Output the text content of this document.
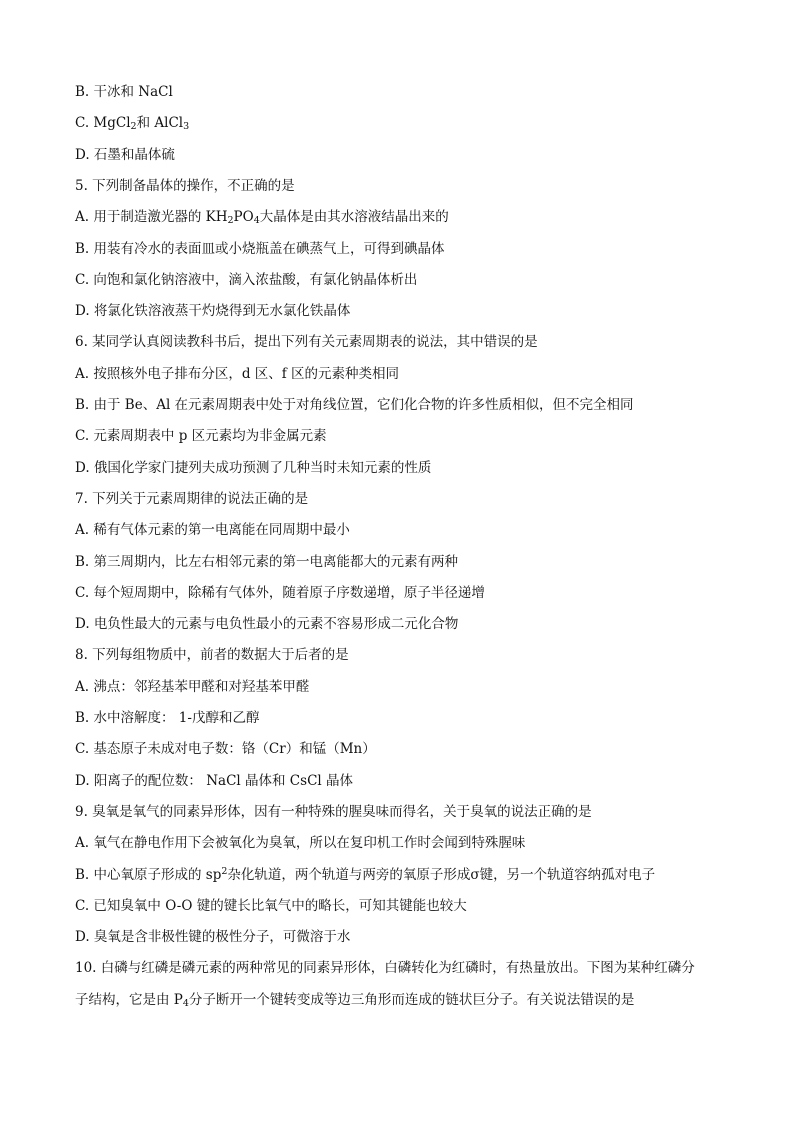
B. 干冰和 NaCl
C. MgCl$_2$和 AlCl$_3$
D. 石墨和晶体硫
5. 下列制备晶体的操作，不正确的是
A. 用于制造激光器的 $KH_2PO_4$大晶体是由其水溶液结晶出来的
B. 用装有冷水的表面皿或小烧瓶盖在碘蒸气上，可得到碘晶体
C. 向饱和氯化钠溶液中，滴入浓盐酸，有氯化钠晶体析出
D. 将氯化铁溶液蒸干灼烧得到无水氯化铁晶体
6. 某同学认真阅读教科书后，提出下列有关元素周期表的说法，其中错误的是
A. 按照核外电子排布分区，d 区、f 区的元素种类相同
B. 由于 Be、Al 在元素周期表中处于对角线位置，它们化合物的许多性质相似，但不完全相同
C. 元素周期表中 p 区元素均为非金属元素
D. 俄国化学家门捷列夫成功预测了几种当时未知元素的性质
7. 下列关于元素周期律的说法正确的是
A. 稀有气体元素的第一电离能在同周期中最小
B. 第三周期内，比左右相邻元素的第一电离能都大的元素有两种
C. 每个短周期中，除稀有气体外，随着原子序数递增，原子半径递增
D. 电负性最大的元素与电负性最小的元素不容易形成二元化合物
8. 下列每组物质中，前者的数据大于后者的是
A. 沸点：邻羟基苯甲醛和对羟基苯甲醛
B. 水中溶解度： 1-戊醇和乙醇
C. 基态原子未成对电子数：铬（Cr）和锰（Mn）
D. 阳离子的配位数： NaCl 晶体和 CsCl 晶体
9. 臭氧是氧气的同素异形体，因有一种特殊的腥臭味而得名，关于臭氧的说法正确的是
A. 氧气在静电作用下会被氧化为臭氧，所以在复印机工作时会闻到特殊腥味
B. 中心氧原子形成的 $sp^2$杂化轨道，两个轨道与两旁的氧原子形成σ键，另一个轨道容纳孤对电子
C. 已知臭氧中 O-O 键的键长比氧气中的略长，可知其键能也较大
D. 臭氧是含非极性键的极性分子，可微溶于水
10. 白磷与红磷是磷元素的两种常见的同素异形体，白磷转化为红磷时，有热量放出。下图为某种红磷分
子结构，它是由 $P_4$分子断开一个键转变成等边三角形而连成的链状巨分子。有关说法错误的是
